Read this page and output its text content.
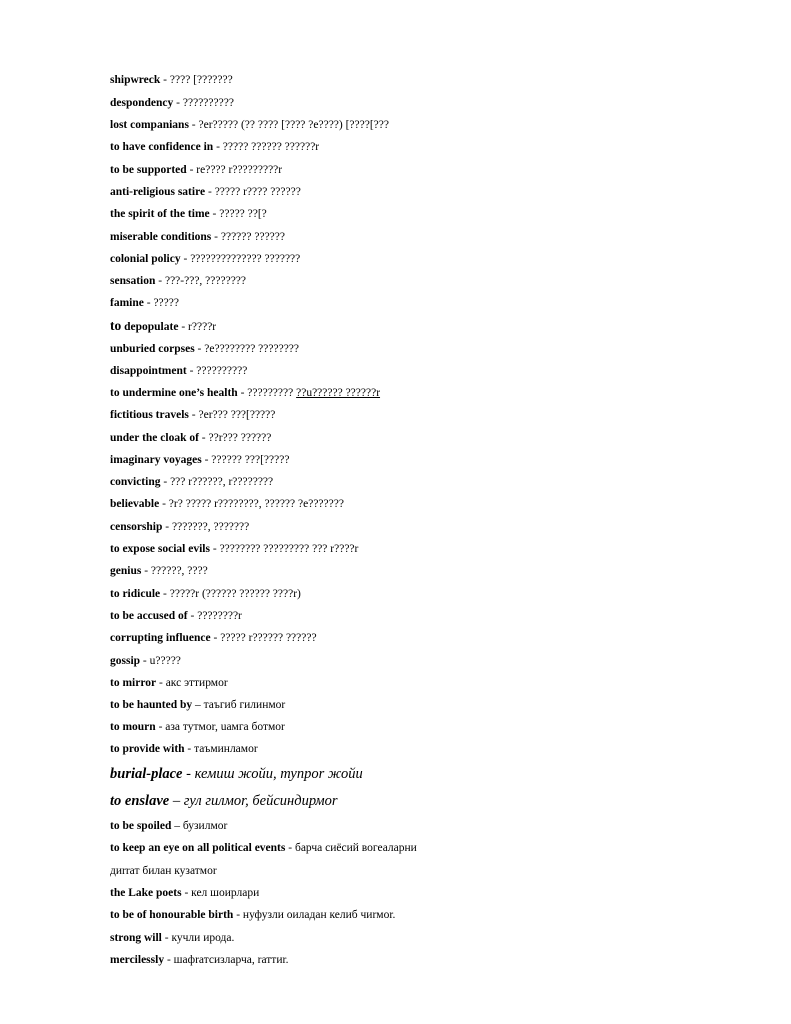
shipwreck - ???? [???????
despondency - ??????????
lost companians - ?er????? (?? ???? [???? ?e????) [????[???
to have confidence in - ????? ?????? ??????r
to be supported - re???? r?????????r
anti-religious satire - ????? r???? ??????
the spirit of the time - ????? ??[?
miserable conditions - ?????? ??????
colonial policy - ?????????????? ???????
sensation - ???-???, ????????
famine - ?????
to depopulate - r????r
unburied corpses - ?e???????? ????????
disappointment - ??????????
to undermine one’s health - ????????? ??u?????? ??????r
fictitious travels - ?er??? ???[?????
under the cloak of - ??r??? ??????
imaginary voyages - ?????? ???[?????
convicting - ??? r??????, r????????
believable - ?r? ????? r????????, ?????? ?e???????
censorship - ???????, ???????
to expose social evils - ???????? ????????? ??? r????r
genius - ??????, ????
to ridicule - ?????r (?????? ?????? ????r)
to be accused of - ????????r
corrupting influence - ????? r?????? ??????
gossip - u?????
to mirror - акс эттирмоr
to be haunted by – таъгиб гилинмоr
to mourn - аза тутмоr, uамга ботмоr
to provide with - таъминламоr
burial-place - кемиш жойи, тупроr жойи
to enslave – гул гилмоr, бейсиндирмоr
to be spoiled – бузилмоr
to keep an eye on all political events - барча сиёсий вогеаларни
диrrат билан кузатмоr
the Lake poets - кел шоирлари
to be of honourable birth - нуфузли оиладан келиб чиrмоr.
strong will - кучли ирода.
mercilessly - шафrатсизларча, rаттиr.
